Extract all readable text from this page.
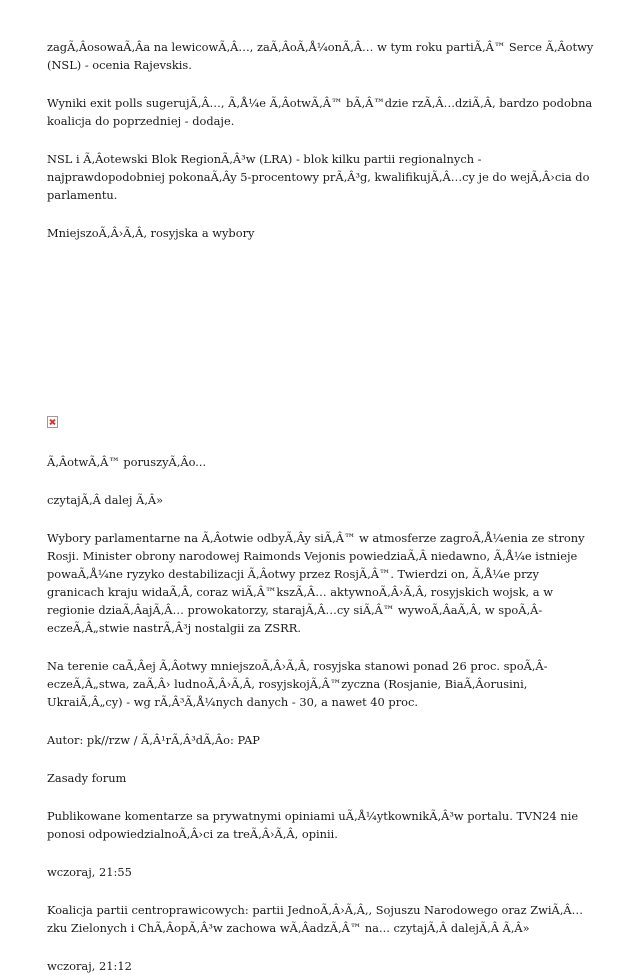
zagÃ‚ÂosowaÃ‚Âa na lewicowÃ‚Â…, zaÃ‚ÂoÃ‚Å¼onÃ‚Â… w tym roku partiÃ‚Â™ Serce Ã‚Âotwy (NSL) - ocenia Rajevskis.

Wyniki exit polls sugerujÃ‚Â…, Ã‚Å¼e Ã‚ÂotwÃ‚Â™ bÃ‚Â™dzie rzÃ‚Â…dziÃ‚Â‚ bardzo podobna koalicja do poprzedniej - dodaje.

NSL i Ã‚Âotewski Blok RegionÃ‚Â³w (LRA) - blok kilku partii regionalnych - najprawdopodobniej pokonaÃ‚Ây 5-procentowy prÃ‚Â³g, kwalifikujÃ‚Â…cy je do wejÃ‚Â›cia do parlamentu.

MniejszoÃ‚Â›Ã‚Â‚ rosyjska a wybory

Ã‚ÂotwÃ‚Â™ poruszyÃ‚Âo...

czytajÃ‚Â dalej Ã‚Â»

Wybory parlamentarne na Ã‚Âotwie odbyÃ‚Ây siÃ‚Â™ w atmosferze zagroÃ‚Å¼enia ze strony Rosji. Minister obrony narodowej Raimonds Vejonis powiedziaÃ‚Â niedawno, Ã‚Å¼e istnieje powaÃ‚Å¼ne ryzyko destabilizacji Ã‚Âotwy przez RosjÃ‚Â™. Twierdzi on, Ã‚Å¼e przy granicach kraju widaÃ‚Â‚ coraz wiÃ‚Â™kszÃ‚Â… aktywnoÃ‚Â›Ã‚Â‚ rosyjskich wojsk, a w regionie dziaÃ‚ÂajÃ‚Â… prowokatorzy, starajÃ‚Â…cy siÃ‚Â™ wywoÃ‚ÂaÃ‚Â‚ w spoÃ‚ÂeczeÃ‚Â„stwie nastrÃ‚Â³j nostalgii za ZSRR.

Na terenie caÃ‚Âej Ã‚Âotwy mniejszoÃ‚Â›Ã‚Â‚ rosyjska stanowi ponad 26 proc. spoÃ‚ÂeczeÃ‚Â„stwa, zaÃ‚Â› ludnoÃ‚Â›Ã‚Â‚ rosyjskojÃ‚Â™zyczna (Rosjanie, BiaÃ‚Âorusini, UkraiÃ‚Â„cy) - wg rÃ‚Â³Ã‚Å¼nych danych - 30, a nawet 40 proc.

Autor: pk//rzw / Ã‚Â¹rÃ‚Â³dÃ‚Âo: PAP

Zasady forum

Publikowane komentarze sa prywatnymi opiniami uÃ‚Å¼ytkownikÃ‚Â³w portalu. TVN24 nie ponosi odpowiedzialnoÃ‚Â›ci za treÃ‚Â›Ã‚Â‚ opinii.

wczoraj, 21:55

Koalicja partii centroprawicowych: partii JednoÃ‚Â›Ã‚Â‚, Sojuszu Narodowego oraz ZwiÃ‚Â…zku Zielonych i ChÃ‚ÂopÃ‚Â³w zachowa wÃ‚ÂadzÃ‚Â™ na... czytajÃ‚Â dalejÃ‚Â Ã‚Â»

wczoraj, 21:12
